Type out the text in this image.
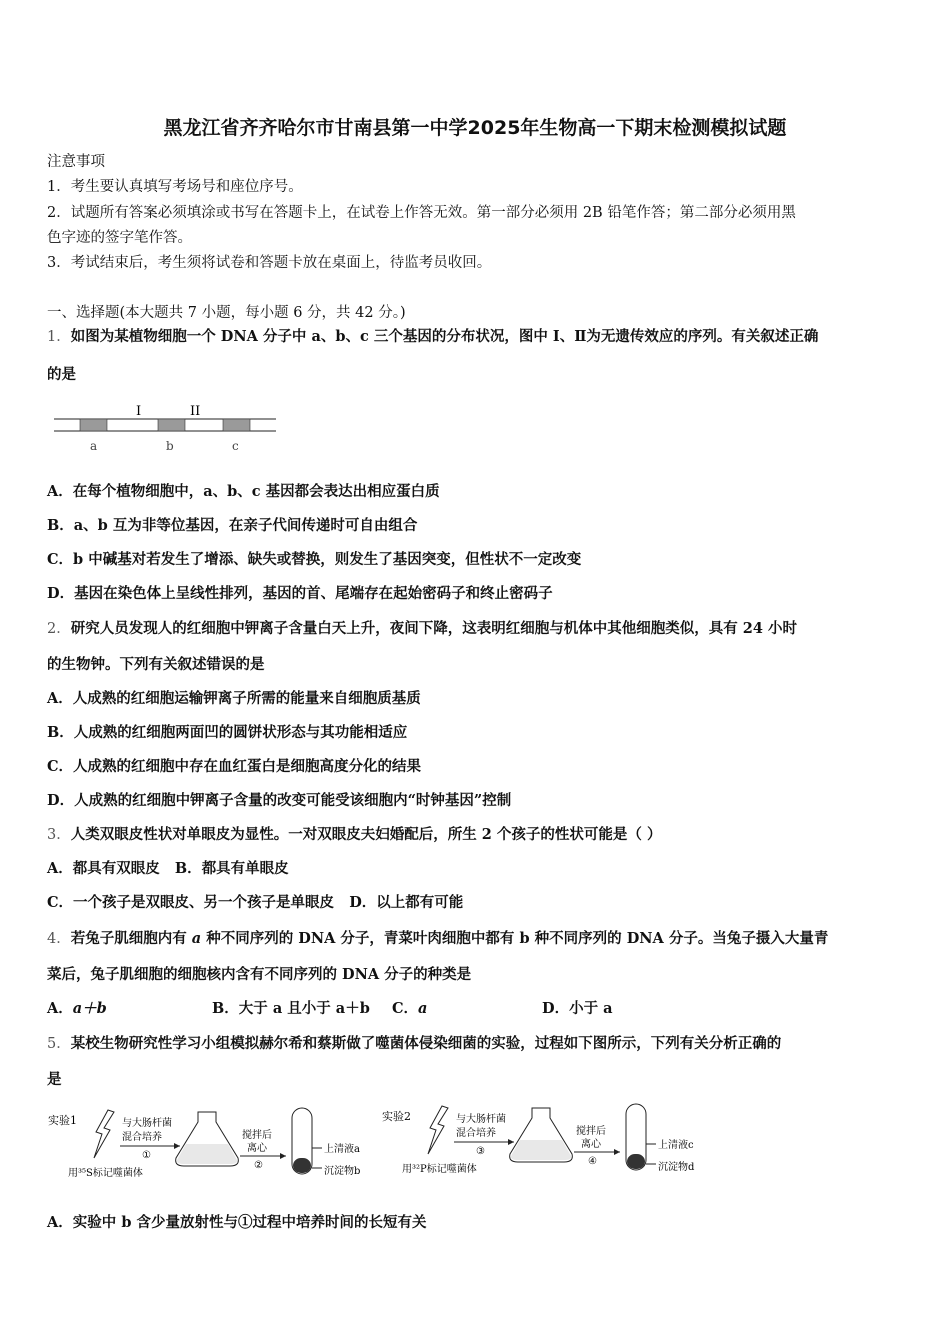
黑龙江省齐齐哈尔市甘南县第一中学2025年生物高一下期末检测模拟试题
注意事项
1．考生要认真填写考场号和座位序号。
2．试题所有答案必须填涂或书写在答题卡上，在试卷上作答无效。第一部分必须用 2B 铅笔作答；第二部分必须用黑
色字迹的签字笔作答。
3．考试结束后，考生须将试卷和答题卡放在桌面上，待监考员收回。
一、选择题(本大题共 7 小题，每小题 6 分，共 42 分。)
1．如图为某植物细胞一个 DNA 分子中 a、b、c 三个基因的分布状况，图中 Ⅰ、Ⅱ为无遗传效应的序列。有关叙述正确
的是
I	II
a	b	c
A．在每个植物细胞中，a、b、c 基因都会表达出相应蛋白质
B．a、b 互为非等位基因，在亲子代间传递时可自由组合
C．b 中碱基对若发生了增添、缺失或替换，则发生了基因突变，但性状不一定改变
D．基因在染色体上呈线性排列，基因的首、尾端存在起始密码子和终止密码子
2．研究人员发现人的红细胞中钾离子含量白天上升，夜间下降，这表明红细胞与机体中其他细胞类似，具有 24 小时
的生物钟。下列有关叙述错误的是
A．人成熟的红细胞运输钾离子所需的能量来自细胞质基质
B．人成熟的红细胞两面凹的圆饼状形态与其功能相适应
C．人成熟的红细胞中存在血红蛋白是细胞高度分化的结果
D．人成熟的红细胞中钾离子含量的改变可能受该细胞内“时钟基因”控制
3．人类双眼皮性状对单眼皮为显性。一对双眼皮夫妇婚配后，所生 2 个孩子的性状可能是（ ）
A．都具有双眼皮 B．都具有单眼皮
C．一个孩子是双眼皮、另一个孩子是单眼皮 D．以上都有可能
4．若兔子肌细胞内有 a 种不同序列的 DNA 分子，青菜叶肉细胞中都有 b 种不同序列的 DNA 分子。当兔子摄入大量青
菜后，兔子肌细胞的细胞核内含有不同序列的 DNA 分子的种类是
A．a＋b	B．大于 a 且小于 a＋b C．a	D．小于 a
5．某校生物研究性学习小组模拟赫尔希和蔡斯做了噬菌体侵染细菌的实验，过程如下图所示，下列有关分析正确的
是
实验1	与大肠杆菌
混合培养
①
用³⁵S标记噬菌体
搅拌后
离心
②
上清液a
沉淀物b
实验2	与大肠杆菌
混合培养
③
用³²P标记噬菌体
搅拌后
离心
④
上清液c
沉淀物d
A．实验中 b 含少量放射性与①过程中培养时间的长短有关
